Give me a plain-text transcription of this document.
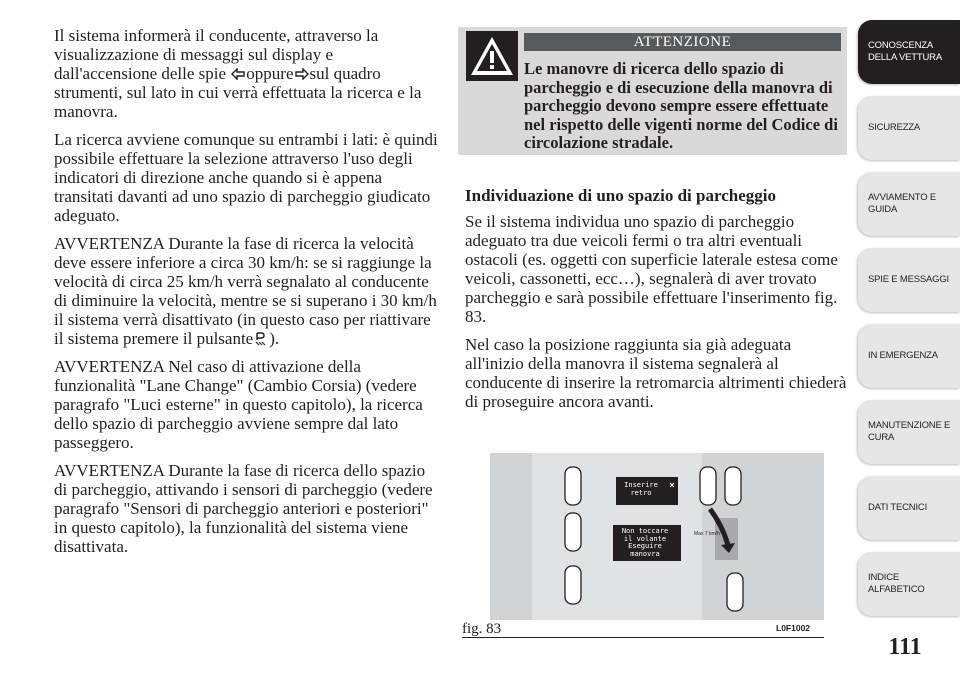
Il sistema informerà il conducente, attraverso la visualizzazione di messaggi sul display e dall'accensione delle spie oppure sul quadro strumenti, sul lato in cui verrà effettuata la ricerca e la manovra.

La ricerca avviene comunque su entrambi i lati: è quindi possibile effettuare la selezione attraverso l'uso degli indicatori di direzione anche quando si è appena transitati davanti ad uno spazio di parcheggio giudicato adeguato.

AVVERTENZA Durante la fase di ricerca la velocità deve essere inferiore a circa 30 km/h: se si raggiunge la velocità di circa 25 km/h verrà segnalato al conducente di diminuire la velocità, mentre se si superano i 30 km/h il sistema verrà disattivato (in questo caso per riattivare il sistema premere il pulsante ).

AVVERTENZA Nel caso di attivazione della funzionalità "Lane Change" (Cambio Corsia) (vedere paragrafo "Luci esterne" in questo capitolo), la ricerca dello spazio di parcheggio avviene sempre dal lato passeggero.

AVVERTENZA Durante la fase di ricerca dello spazio di parcheggio, attivando i sensori di parcheggio (vedere paragrafo "Sensori di parcheggio anteriori e posteriori" in questo capitolo), la funzionalità del sistema viene disattivata.

ATTENZIONE
Le manovre di ricerca dello spazio di
parcheggio e di esecuzione della manovra di parcheggio devono sempre essere effettuate nel rispetto delle vigenti norme del Codice di circolazione stradale.

Individuazione di uno spazio di parcheggio

Se il sistema individua uno spazio di parcheggio adeguato tra due veicoli fermi o tra altri eventuali ostacoli (es. oggetti con superficie laterale estesa come veicoli, cassonetti, ecc…), segnalerà di aver trovato parcheggio e sarà possibile effettuare l'inserimento fig. 83.

Nel caso la posizione raggiunta sia già adeguata all'inizio della manovra il sistema segnalerà al conducente di inserire la retromarcia altrimenti chiederà di proseguire ancora avanti.

Inserire
retro
Non toccare
il volante
Eseguire
manovra
Max 7 km/h
fig. 83	L0F1002
CONOSCENZA DELLA VETTURA
SICUREZZA
AVVIAMENTO E GUIDA
SPIE E MESSAGGI
IN EMERGENZA
MANUTENZIONE E CURA
DATI TECNICI
INDICE ALFABETICO
111
